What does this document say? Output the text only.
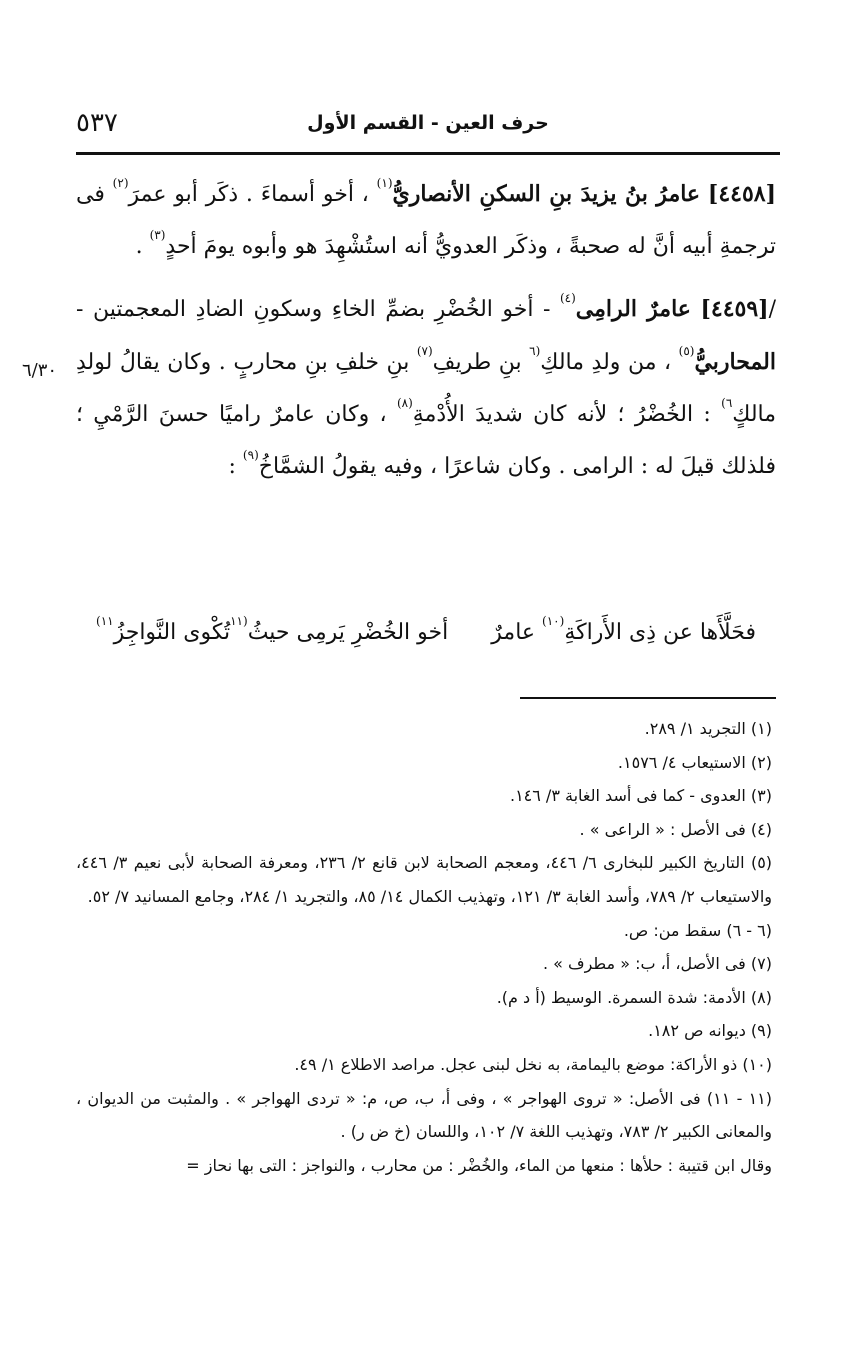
٥٣٧	حرف العين - القسم الأول
٦/٣٠

[٤٤٥٨] عامرُ بنُ يزيدَ بنِ السكنِ الأنصاريُّ$^{(١)}$ ، أخو أسماءَ . ذكَر أبو عمرَ$^{(٢)}$ فى ترجمةِ أبيه أنَّ له صحبةً ، وذكَر العدويُّ أنه استُشْهِدَ هو وأبوه يومَ أحدٍ$^{(٣)}$ .

/[٤٤٥٩] عامرٌ الرامِى$^{(٤)}$ - أخو الخُضْرِ بضمِّ الخاءِ وسكونِ الضادِ المعجمتين - المحاربيُّ$^{(٥)}$ ، من ولدِ مالكِ$^{(٦}$ بنِ طريفِ$^{(٧)}$ بنِ خلفِ بنِ محاربٍ . وكان يقالُ لولدِ مالكٍ$^{٦)}$ : الخُضْرُ ؛ لأنه كان شديدَ الأُدْمةِ$^{(٨)}$ ، وكان عامرٌ راميًا حسنَ الرَّمْيِ ؛ فلذلك قيلَ له : الرامى . وكان شاعرًا ، وفيه يقولُ الشمَّاخُ$^{(٩)}$ :

فحَلَّأَها عن ذِى الأَراكَةِ$^{(١٠)}$ عامرٌ
أخو الخُضْرِ يَرمِى حيثُ$^{(١١}$تُكْوى النَّواجِزُ$^{١١)}$

(١) التجريد ١/ ٢٨٩.

(٢) الاستيعاب ٤/ ١٥٧٦.

(٣) العدوى - كما فى أسد الغابة ٣/ ١٤٦.

(٤) فى الأصل : « الراعى » .

(٥) التاريخ الكبير للبخارى ٦/ ٤٤٦، ومعجم الصحابة لابن قانع ٢/ ٢٣٦، ومعرفة الصحابة لأبى نعيم ٣/ ٤٤٦، والاستيعاب ٢/ ٧٨٩، وأسد الغابة ٣/ ١٢١، وتهذيب الكمال ١٤/ ٨٥، والتجريد ١/ ٢٨٤، وجامع المسانيد ٧/ ٥٢.

(٦ - ٦) سقط من: ص.

(٧) فى الأصل، أ، ب: « مطرف » .

(٨) الأدمة: شدة السمرة. الوسيط (أ د م).

(٩) ديوانه ص ١٨٢.

(١٠) ذو الأراكة: موضع باليمامة، به نخل لبنى عجل. مراصد الاطلاع ١/ ٤٩.

(١١ - ١١) فى الأصل: « تروى الهواجر » ، وفى أ، ب، ص، م: « تردى الهواجر » . والمثبت من الديوان ، والمعانى الكبير ٢/ ٧٨٣، وتهذيب اللغة ٧/ ١٠٢، واللسان (خ ض ر) .

وقال ابن قتيبة : حلأها : منعها من الماء، والخُضْر : من محارب ، والنواجز : التى بها نحاز =
